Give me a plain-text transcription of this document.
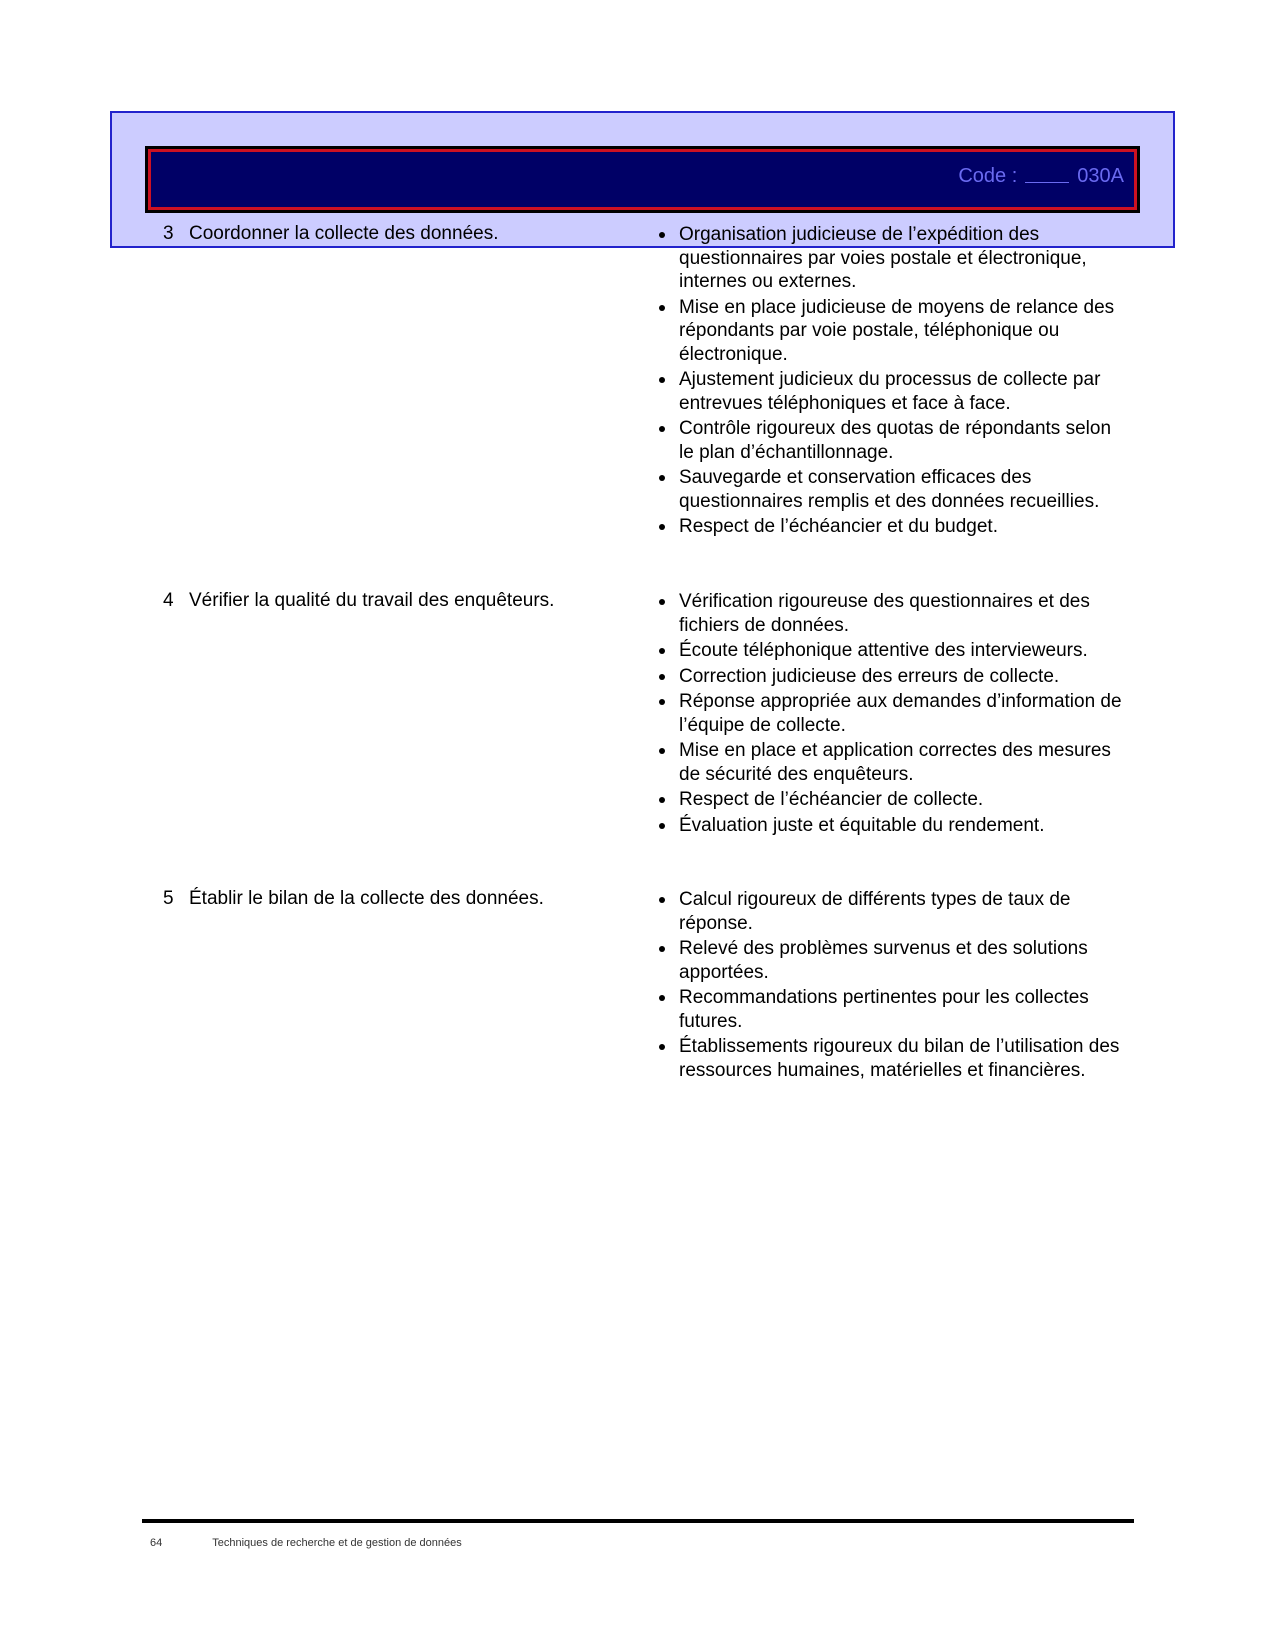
Code :	030A
3 Coordonner la collecte des données.	Organisation judicieuse de l’expédition des questionnaires par voies postale et électronique, internes ou externes.
Mise en place judicieuse de moyens de relance des répondants par voie postale, téléphonique ou électronique.
Ajustement judicieux du processus de collecte par entrevues téléphoniques et face à face.
Contrôle rigoureux des quotas de répondants selon le plan d’échantillonnage.
Sauvegarde et conservation efficaces des questionnaires remplis et des données recueillies.
Respect de l’échéancier et du budget.
4 Vérifier la qualité du travail des enquêteurs.	Vérification rigoureuse des questionnaires et des fichiers de données.
Écoute téléphonique attentive des intervieweurs.
Correction judicieuse des erreurs de collecte.
Réponse appropriée aux demandes d’information de l’équipe de collecte.
Mise en place et application correctes des mesures de sécurité des enquêteurs.
Respect de l’échéancier de collecte.
Évaluation juste et équitable du rendement.
5 Établir le bilan de la collecte des données.	Calcul rigoureux de différents types de taux de réponse.
Relevé des problèmes survenus et des solutions apportées.
Recommandations pertinentes pour les collectes futures.
Établissements rigoureux du bilan de l’utilisation des ressources humaines, matérielles et financières.
64	Techniques de recherche et de gestion de données
